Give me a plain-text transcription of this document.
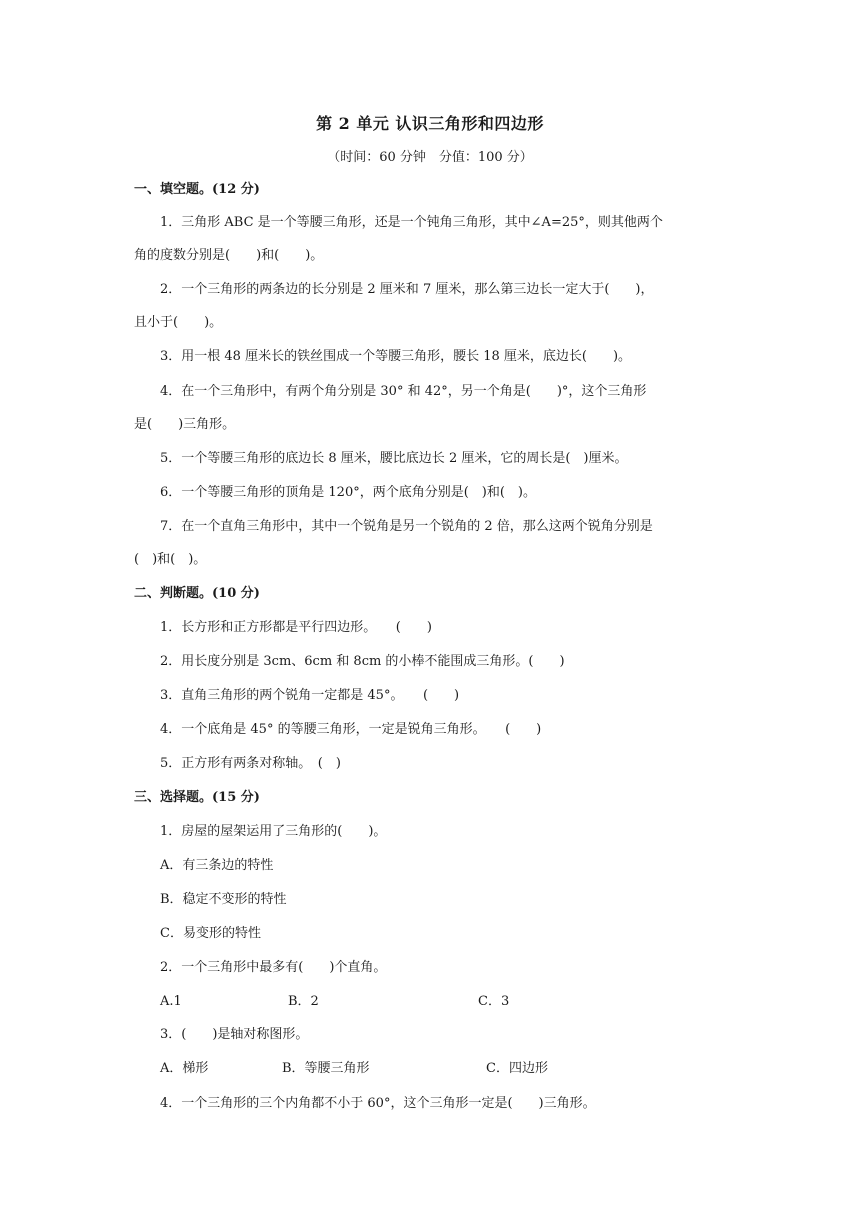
第 2 单元 认识三角形和四边形
（时间：60 分钟　分值：100 分）
一、填空题。(12 分)
1．三角形 ABC 是一个等腰三角形，还是一个钝角三角形，其中∠A=25°，则其他两个
角的度数分别是(　　)和(　　)。
2．一个三角形的两条边的长分别是 2 厘米和 7 厘米，那么第三边长一定大于(　　)，
且小于(　　)。
3．用一根 48 厘米长的铁丝围成一个等腰三角形，腰长 18 厘米，底边长(　　)。
4．在一个三角形中，有两个角分别是 30° 和 42°，另一个角是(　　)°，这个三角形
是(　　)三角形。
5．一个等腰三角形的底边长 8 厘米，腰比底边长 2 厘米，它的周长是(　)厘米。
6．一个等腰三角形的顶角是 120°，两个底角分别是(　)和(　)。
7．在一个直角三角形中，其中一个锐角是另一个锐角的 2 倍，那么这两个锐角分别是
(　)和(　)。
二、判断题。(10 分)
1．长方形和正方形都是平行四边形。　　(　　)
2．用长度分别是 3cm、6cm 和 8cm 的小棒不能围成三角形。(　　)
3．直角三角形的两个锐角一定都是 45°。　　(　　)
4．一个底角是 45° 的等腰三角形，一定是锐角三角形。　　(　　)
5．正方形有两条对称轴。　(　)
三、选择题。(15 分)
1．房屋的屋架运用了三角形的(　　)。
A．有三条边的特性
B．稳定不变形的特性
C．易变形的特性
2．一个三角形中最多有(　　)个直角。
A.1	B．2	C．3
3．(　　)是轴对称图形。
A．梯形	B．等腰三角形	C．四边形
4．一个三角形的三个内角都不小于 60°，这个三角形一定是(　　)三角形。
